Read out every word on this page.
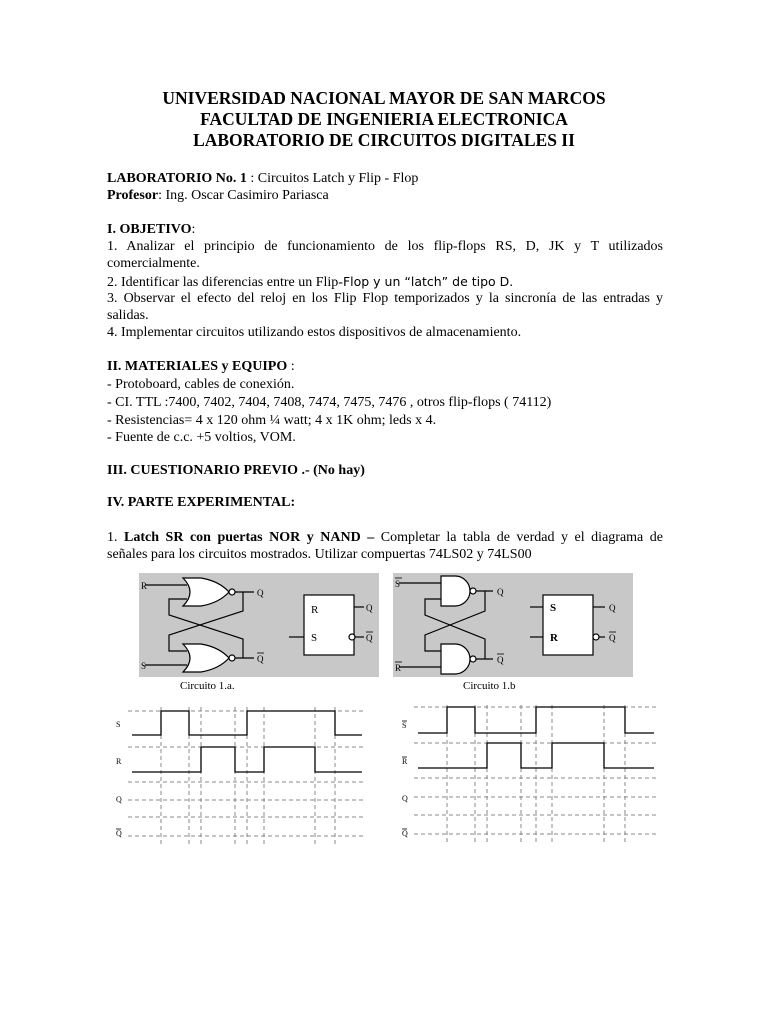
UNIVERSIDAD NACIONAL MAYOR DE SAN MARCOS
FACULTAD DE INGENIERIA ELECTRONICA
LABORATORIO DE CIRCUITOS DIGITALES II
LABORATORIO No. 1 : Circuitos Latch y Flip - Flop
Profesor: Ing. Oscar Casimiro Pariasca
I. OBJETIVO:
1. Analizar el principio de funcionamiento de los flip-flops RS, D, JK y T utilizados
comercialmente.
2. Identificar las diferencias entre un Flip-Flop y un “latch” de tipo D.
3. Observar el efecto del reloj en los Flip Flop temporizados y la sincronía de las entradas y
salidas.
4. Implementar circuitos utilizando estos dispositivos de almacenamiento.
II. MATERIALES y EQUIPO :
- Protoboard, cables de conexión.
- CI. TTL :7400, 7402, 7404, 7408, 7474, 7475, 7476 , otros flip-flops ( 74112)
- Resistencias= 4 x 120 ohm ¼ watt; 4 x 1K ohm; leds x 4.
- Fuente de c.c. +5 voltios, VOM.
III. CUESTIONARIO PREVIO .- (No hay)
IV. PARTE EXPERIMENTAL:
1. Latch SR con puertas NOR y NAND – Completar la tabla de verdad y el diagrama de
señales para los circuitos mostrados. Utilizar compuertas 74LS02 y 74LS00
R
S
Q
Q
R
S
Q
Q
Circuito 1.a.
S
R
Q
Q
S
R
Q
Q
Circuito 1.b
S
R
Q
Q
S
R
Q
Q
